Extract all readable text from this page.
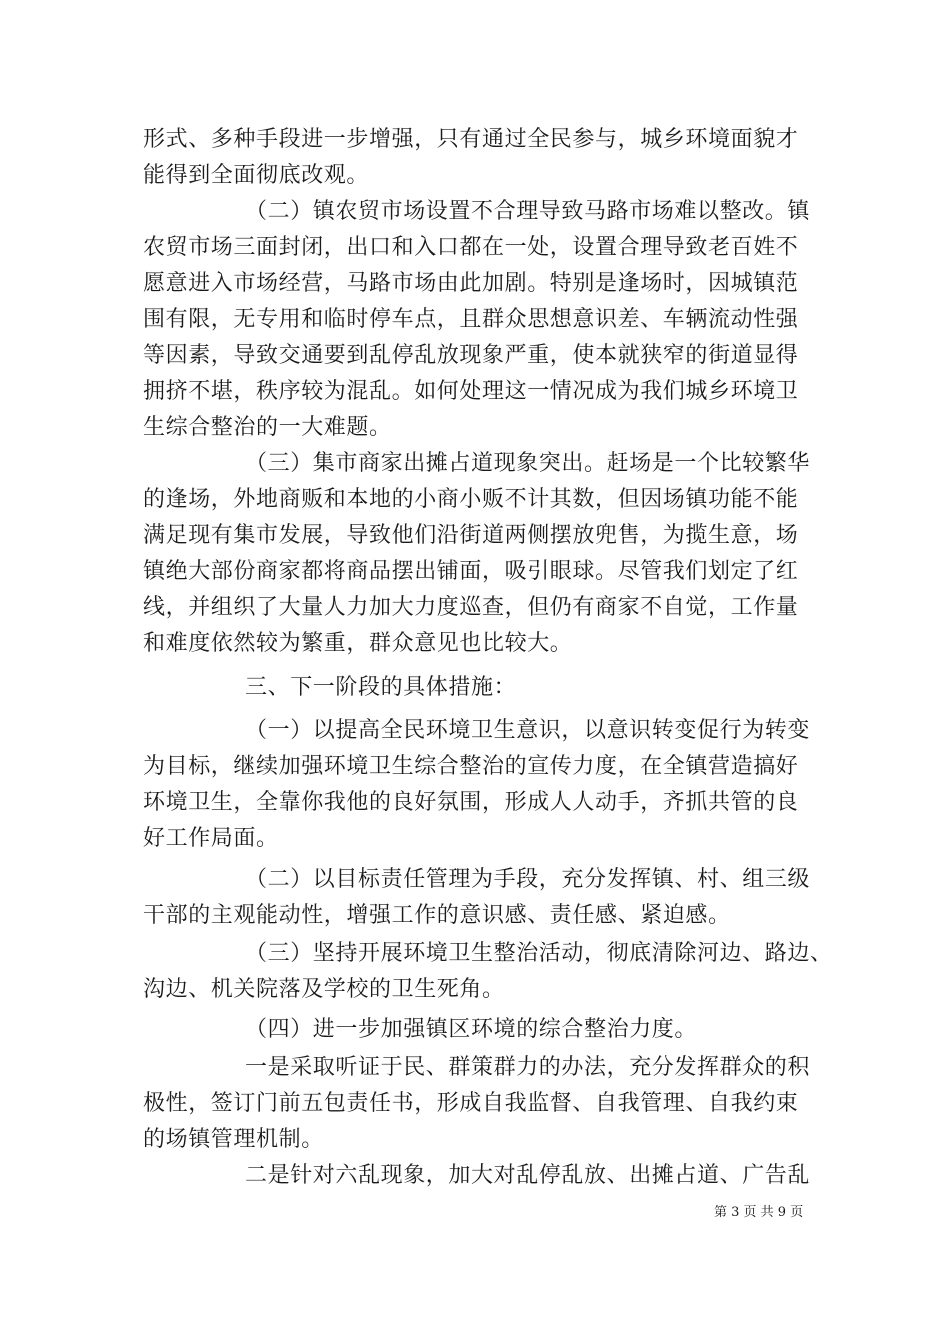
形式、多种手段进一步增强，只有通过全民参与，城乡环境面貌才

能得到全面彻底改观。

（二）镇农贸市场设置不合理导致马路市场难以整改。镇

农贸市场三面封闭，出口和入口都在一处，设置合理导致老百姓不

愿意进入市场经营，马路市场由此加剧。特别是逢场时，因城镇范

围有限，无专用和临时停车点，且群众思想意识差、车辆流动性强

等因素，导致交通要到乱停乱放现象严重，使本就狭窄的街道显得

拥挤不堪，秩序较为混乱。如何处理这一情况成为我们城乡环境卫

生综合整治的一大难题。

（三）集市商家出摊占道现象突出。赶场是一个比较繁华

的逢场，外地商贩和本地的小商小贩不计其数，但因场镇功能不能

满足现有集市发展，导致他们沿街道两侧摆放兜售，为揽生意，场

镇绝大部份商家都将商品摆出铺面，吸引眼球。尽管我们划定了红

线，并组织了大量人力加大力度巡查，但仍有商家不自觉，工作量

和难度依然较为繁重，群众意见也比较大。

三、下一阶段的具体措施：

（一）以提高全民环境卫生意识，以意识转变促行为转变

为目标，继续加强环境卫生综合整治的宣传力度，在全镇营造搞好

环境卫生，全靠你我他的良好氛围，形成人人动手，齐抓共管的良

好工作局面。

（二）以目标责任管理为手段，充分发挥镇、村、组三级

干部的主观能动性，增强工作的意识感、责任感、紧迫感。

（三）坚持开展环境卫生整治活动，彻底清除河边、路边、

沟边、机关院落及学校的卫生死角。

（四）进一步加强镇区环境的综合整治力度。

一是采取听证于民、群策群力的办法，充分发挥群众的积

极性，签订门前五包责任书，形成自我监督、自我管理、自我约束

的场镇管理机制。

二是针对六乱现象，加大对乱停乱放、出摊占道、广告乱

第 3 页 共 9 页
